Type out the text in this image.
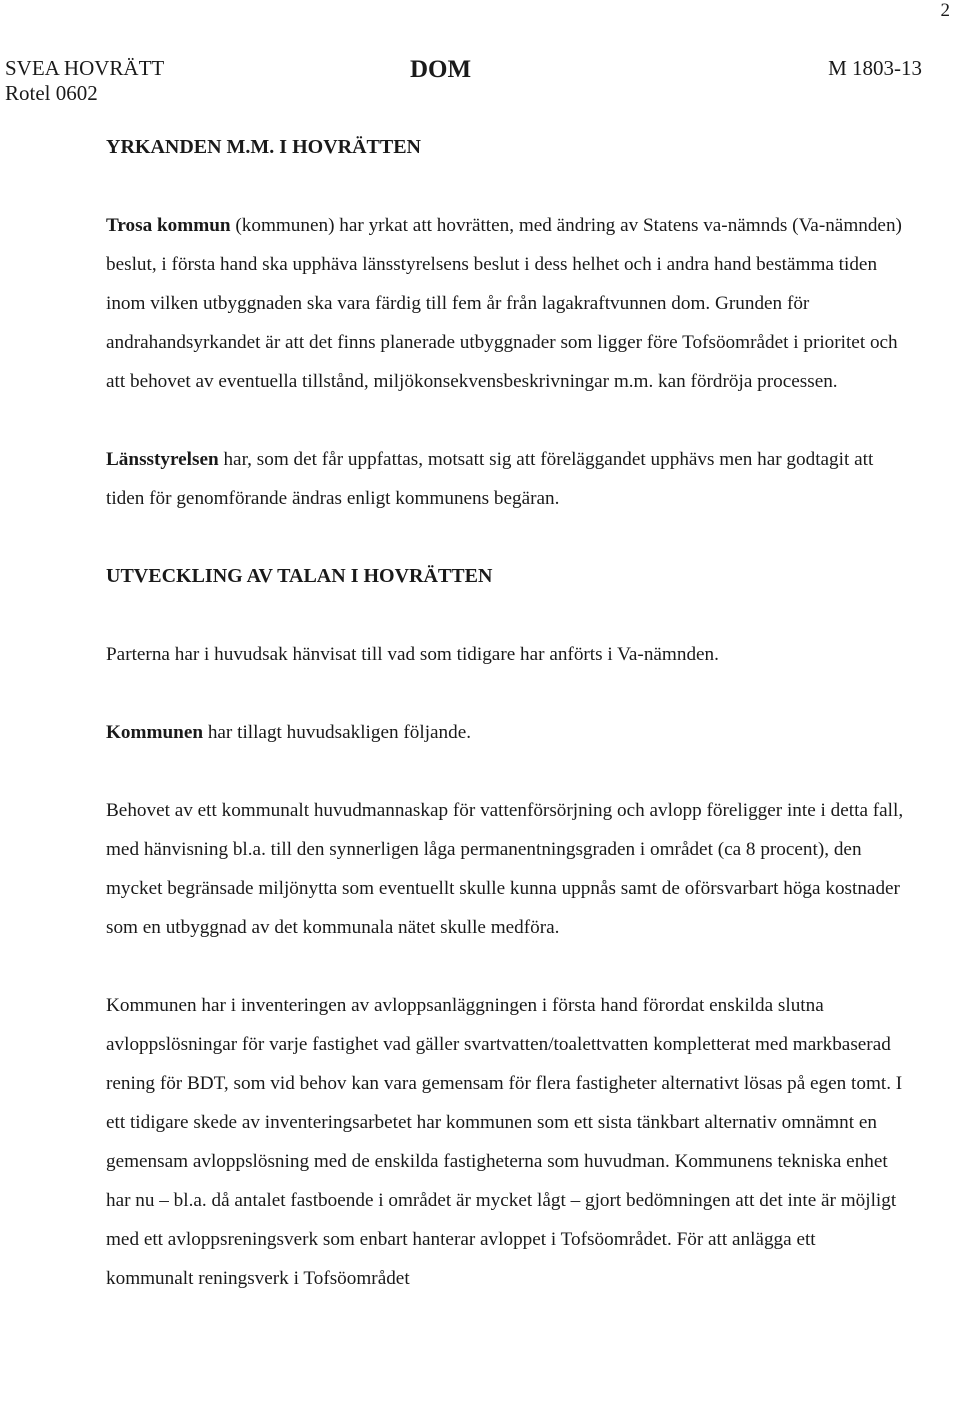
2
SVEA HOVRÄTT
Rotel 0602
DOM	M 1803-13

YRKANDEN M.M. I HOVRÄTTEN

Trosa kommun (kommunen) har yrkat att hovrätten, med ändring av Statens va-nämnds (Va-nämnden) beslut, i första hand ska upphäva länsstyrelsens beslut i dess helhet och i andra hand bestämma tiden inom vilken utbyggnaden ska vara färdig till fem år från lagakraftvunnen dom. Grunden för andrahandsyrkandet är att det finns planerade utbyggnader som ligger före Tofsöområdet i prioritet och att behovet av eventuella tillstånd, miljökonsekvensbeskrivningar m.m. kan fördröja processen.

Länsstyrelsen har, som det får uppfattas, motsatt sig att föreläggandet upphävs men har godtagit att tiden för genomförande ändras enligt kommunens begäran.

UTVECKLING AV TALAN I HOVRÄTTEN

Parterna har i huvudsak hänvisat till vad som tidigare har anförts i Va-nämnden.

Kommunen har tillagt huvudsakligen följande.

Behovet av ett kommunalt huvudmannaskap för vattenförsörjning och avlopp föreligger inte i detta fall, med hänvisning bl.a. till den synnerligen låga permanentningsgraden i området (ca 8 procent), den mycket begränsade miljönytta som eventuellt skulle kunna uppnås samt de oförsvarbart höga kostnader som en utbyggnad av det kommunala nätet skulle medföra.

Kommunen har i inventeringen av avloppsanläggningen i första hand förordat enskilda slutna avloppslösningar för varje fastighet vad gäller svartvatten/toalettvatten kompletterat med markbaserad rening för BDT, som vid behov kan vara gemensam för flera fastigheter alternativt lösas på egen tomt. I ett tidigare skede av inventeringsarbetet har kommunen som ett sista tänkbart alternativ omnämnt en gemensam avloppslösning med de enskilda fastigheterna som huvudman. Kommunens tekniska enhet har nu – bl.a. då antalet fastboende i området är mycket lågt – gjort bedömningen att det inte är möjligt med ett avloppsreningsverk som enbart hanterar avloppet i Tofsöområdet. För att anlägga ett kommunalt reningsverk i Tofsöområdet
